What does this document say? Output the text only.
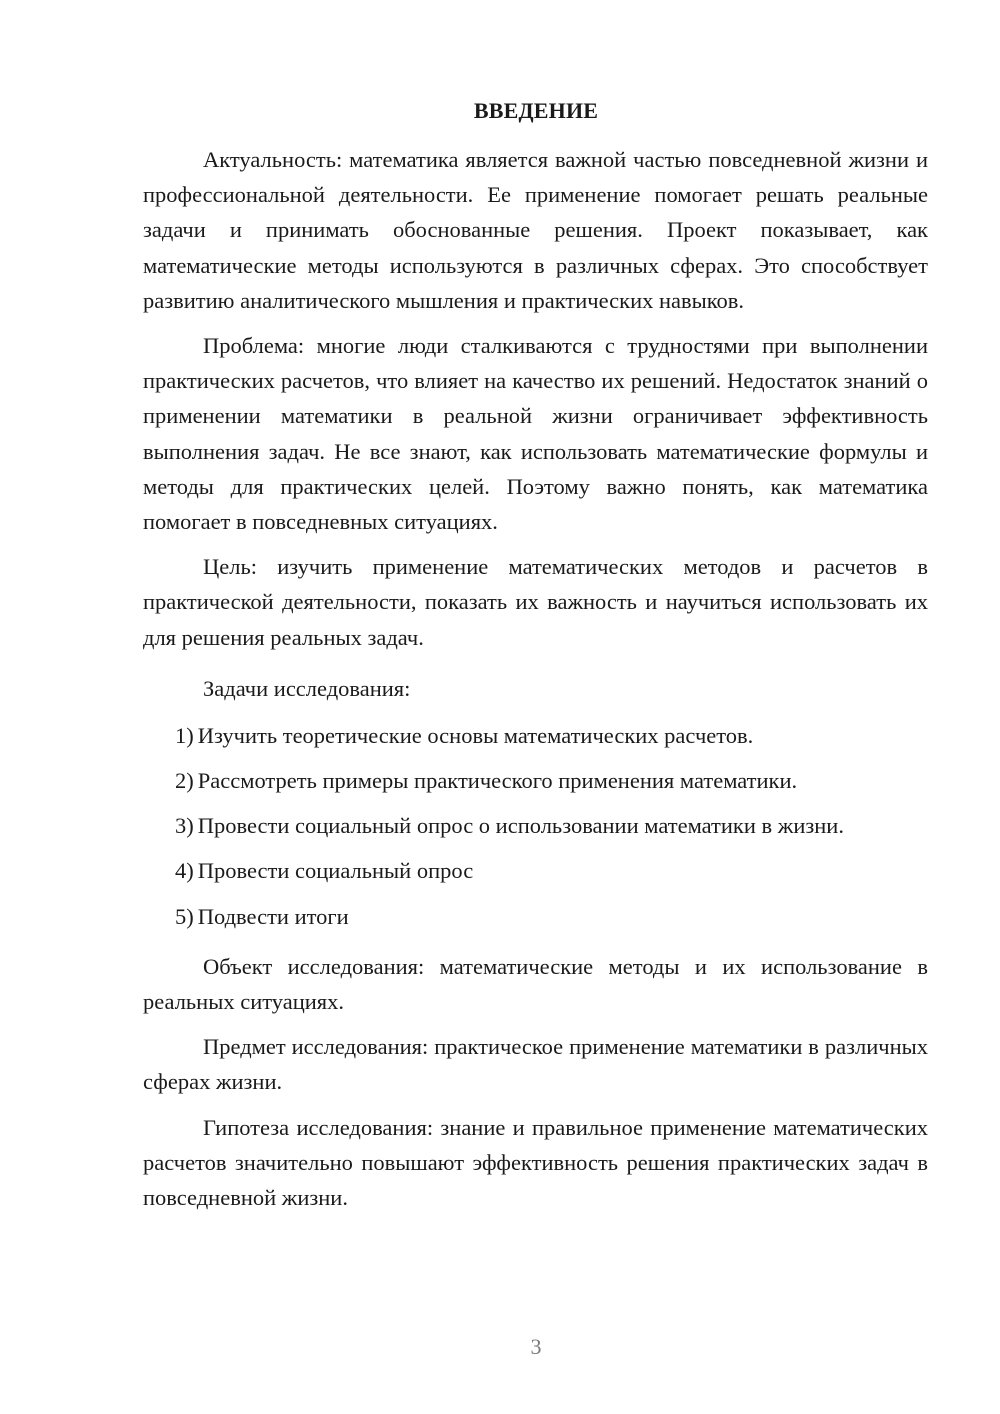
ВВЕДЕНИЕ

Актуальность: математика является важной частью повседневной жизни и профессиональной деятельности. Ее применение помогает решать реальные задачи и принимать обоснованные решения. Проект показывает, как математические методы используются в различных сферах. Это способствует развитию аналитического мышления и практических навыков.

Проблема: многие люди сталкиваются с трудностями при выполнении практических расчетов, что влияет на качество их решений. Недостаток знаний о применении математики в реальной жизни ограничивает эффективность выполнения задач. Не все знают, как использовать математические формулы и методы для практических целей. Поэтому важно понять, как математика помогает в повседневных ситуациях.

Цель: изучить применение математических методов и расчетов в практической деятельности, показать их важность и научиться использовать их для решения реальных задач.

Задачи исследования:

1) Изучить теоретические основы математических расчетов.
2) Рассмотреть примеры практического применения математики.
3) Провести социальный опрос о использовании математики в жизни.
4) Провести социальный опрос
5) Подвести итоги

Объект исследования: математические методы и их использование в реальных ситуациях.

Предмет исследования: практическое применение математики в различных сферах жизни.

Гипотеза исследования: знание и правильное применение математических расчетов значительно повышают эффективность решения практических задач в повседневной жизни.

3
